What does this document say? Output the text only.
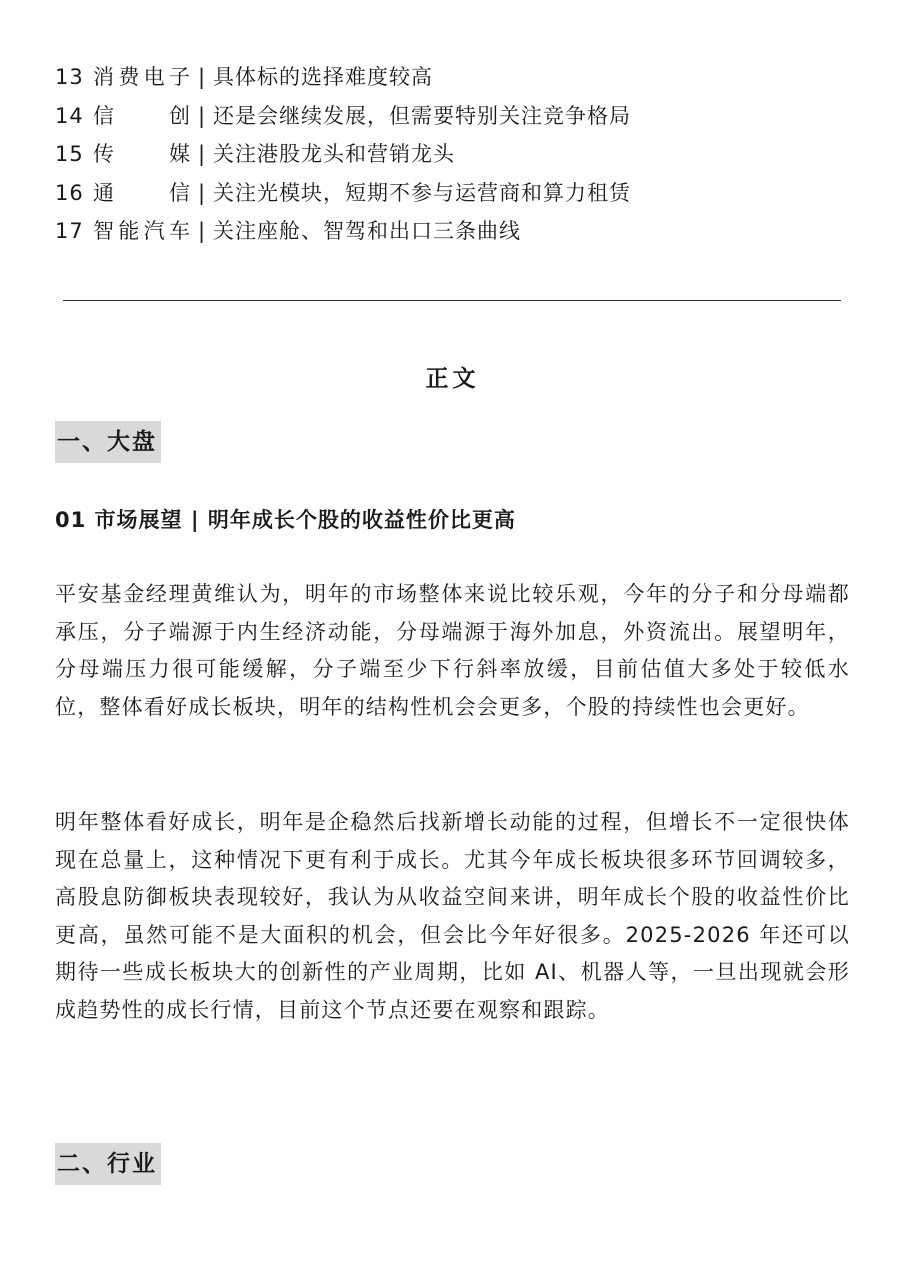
13 消费电子 | 具体标的选择难度较高
14 信创 | 还是会继续发展，但需要特别关注竞争格局
15 传媒 | 关注港股龙头和营销龙头
16 通信 | 关注光模块，短期不参与运营商和算力租赁
17 智能汽车 | 关注座舱、智驾和出口三条曲线
正文
一、大盘
01 市场展望 | 明年成长个股的收益性价比更高

平安基金经理黄维认为，明年的市场整体来说比较乐观，今年的分子和分母端都承压，分子端源于内生经济动能，分母端源于海外加息，外资流出。展望明年，分母端压力很可能缓解，分子端至少下行斜率放缓，目前估值大多处于较低水位，整体看好成长板块，明年的结构性机会会更多，个股的持续性也会更好。

明年整体看好成长，明年是企稳然后找新增长动能的过程，但增长不一定很快体现在总量上，这种情况下更有利于成长。尤其今年成长板块很多环节回调较多，高股息防御板块表现较好，我认为从收益空间来讲，明年成长个股的收益性价比更高，虽然可能不是大面积的机会，但会比今年好很多。2025-2026 年还可以期待一些成长板块大的创新性的产业周期，比如 AI、机器人等，一旦出现就会形成趋势性的成长行情，目前这个节点还要在观察和跟踪。

二、行业
